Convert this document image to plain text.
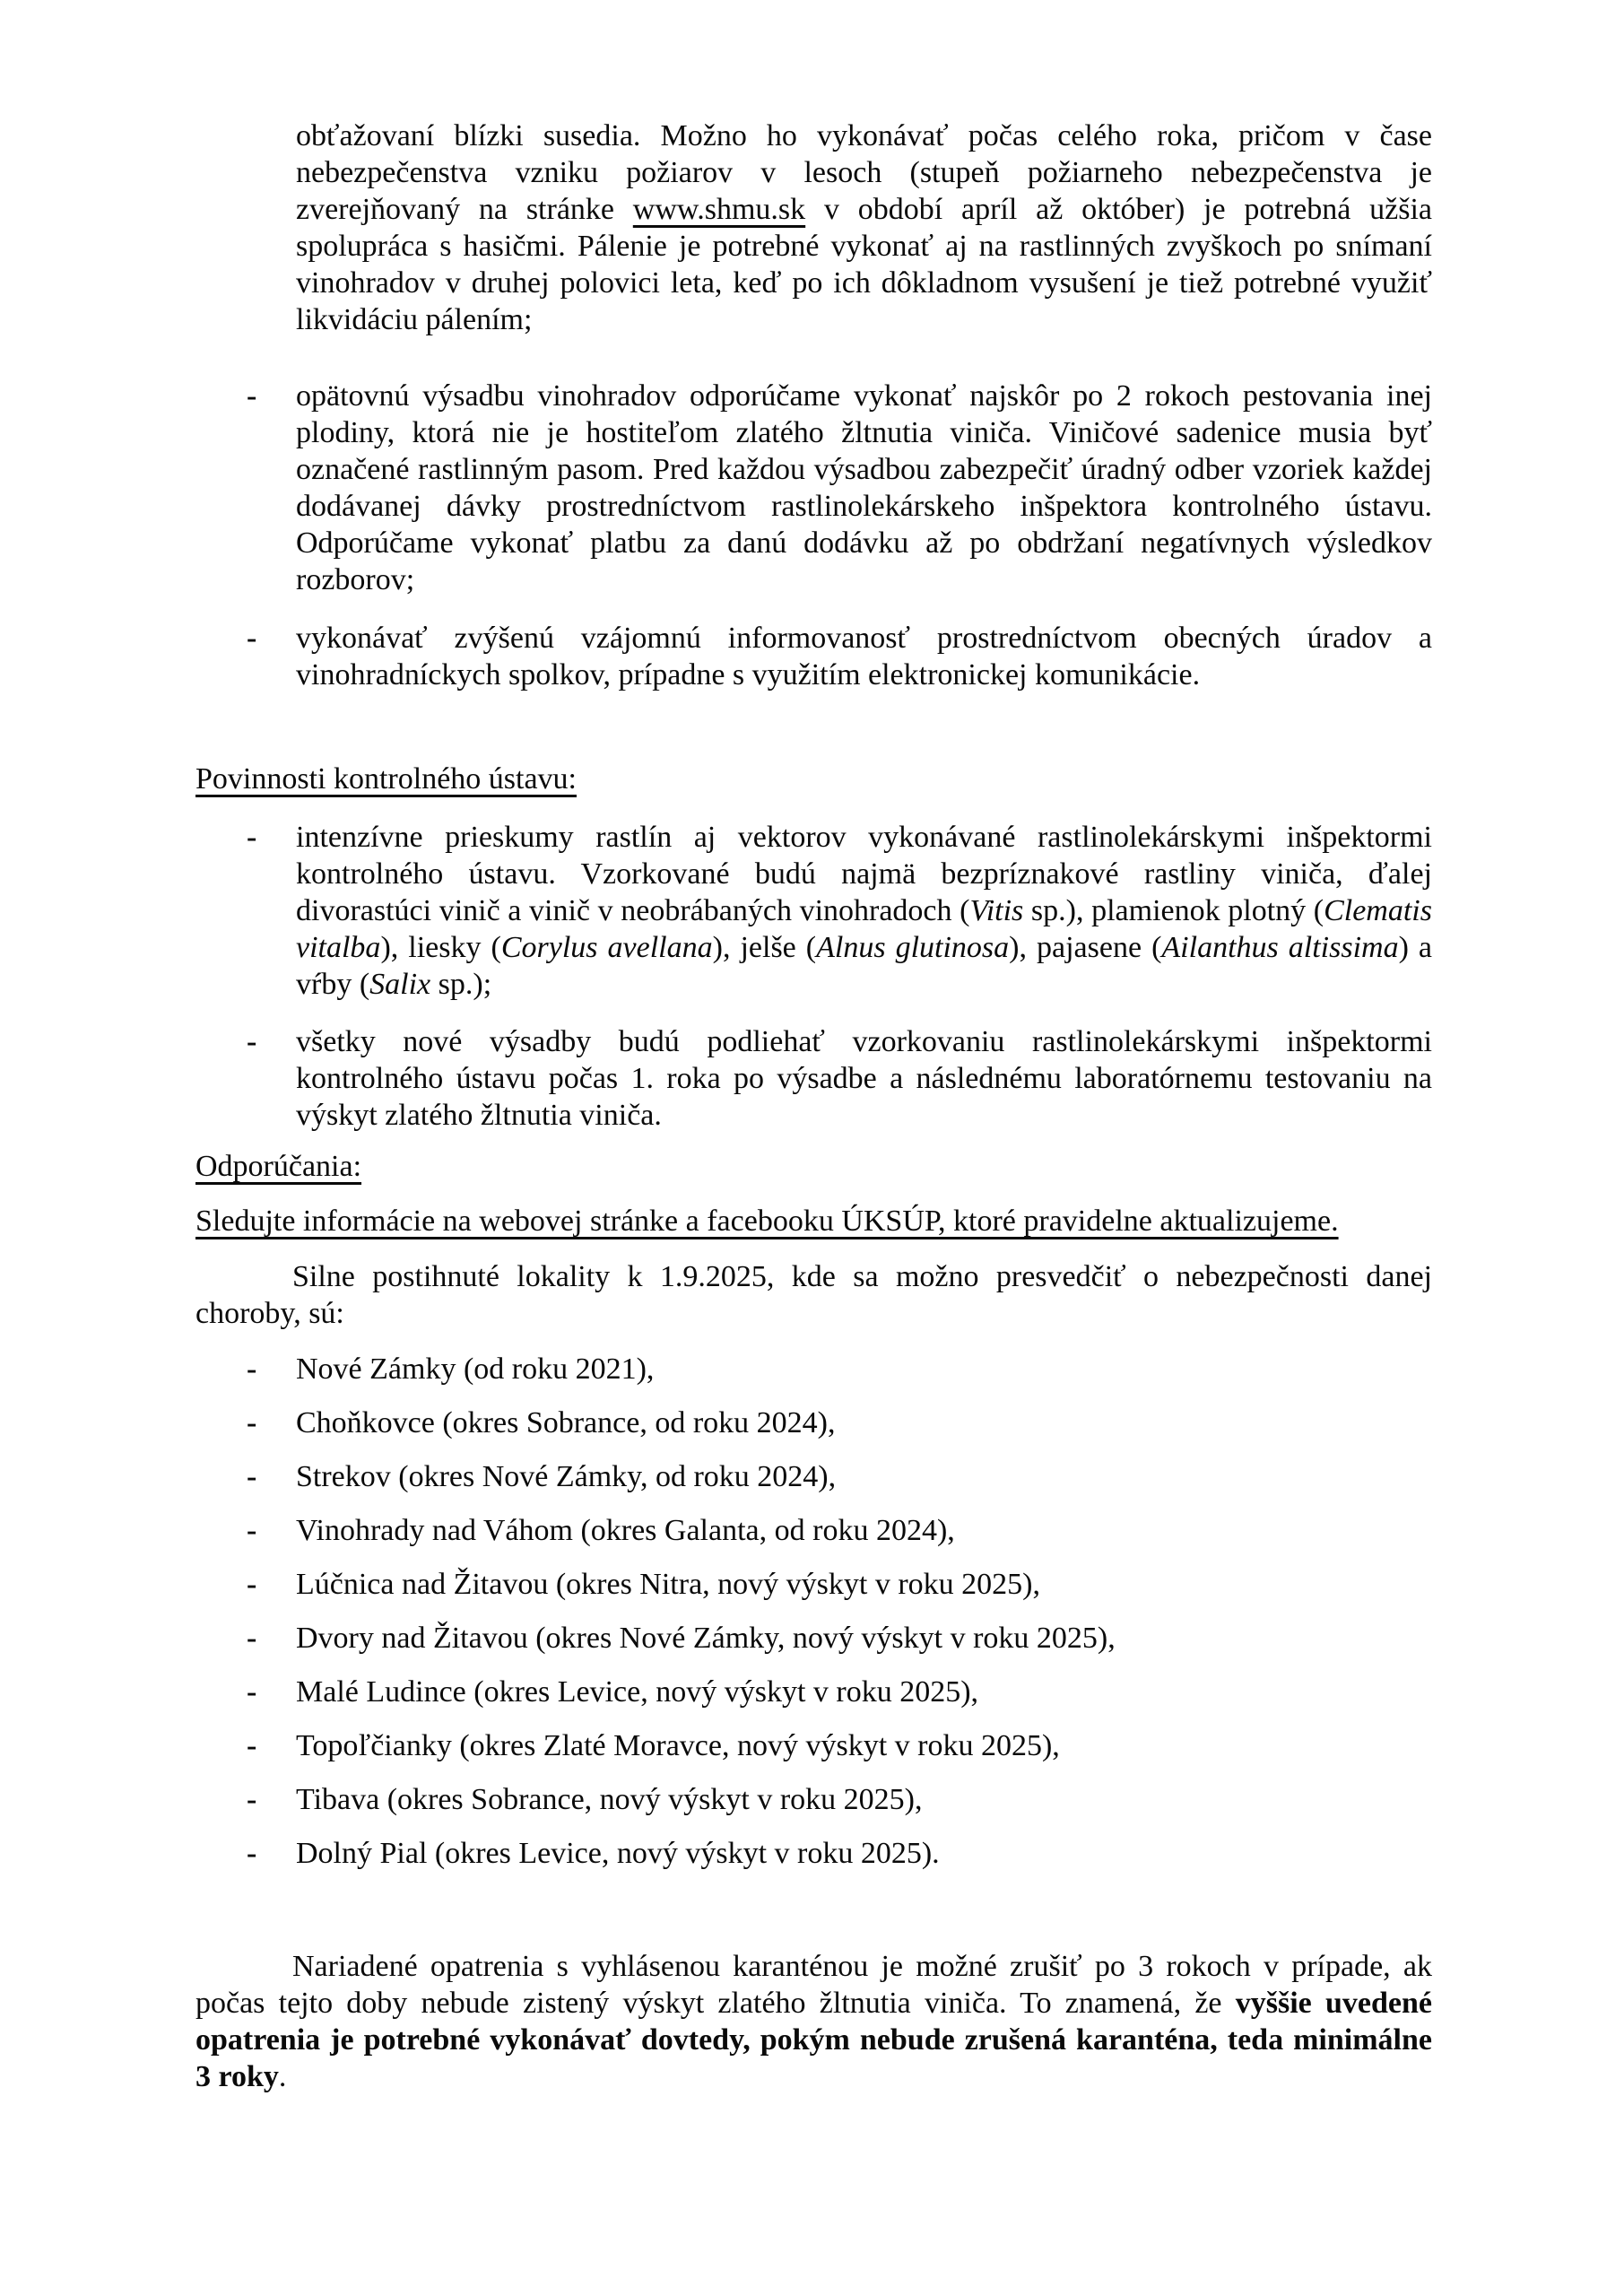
obťažovaní blízki susedia. Možno ho vykonávať počas celého roka, pričom v čase nebezpečenstva vzniku požiarov v lesoch (stupeň požiarneho nebezpečenstva je zverejňovaný na stránke www.shmu.sk v období apríl až október) je potrebná užšia spolupráca s hasičmi. Pálenie je potrebné vykonať aj na rastlinných zvyškoch po snímaní vinohradov v druhej polovici leta, keď po ich dôkladnom vysušení je tiež potrebné využiť likvidáciu pálením;
-	opätovnú výsadbu vinohradov odporúčame vykonať najskôr po 2 rokoch pestovania inej plodiny, ktorá nie je hostiteľom zlatého žltnutia viniča. Viničové sadenice musia byť označené rastlinným pasom. Pred každou výsadbou zabezpečiť úradný odber vzoriek každej dodávanej dávky prostredníctvom rastlinolekárskeho inšpektora kontrolného ústavu. Odporúčame vykonať platbu za danú dodávku až po obdržaní negatívnych výsledkov rozborov;
-	vykonávať zvýšenú vzájomnú informovanosť prostredníctvom obecných úradov a vinohradníckych spolkov, prípadne s využitím elektronickej komunikácie.
Povinnosti kontrolného ústavu:
-	intenzívne prieskumy rastlín aj vektorov vykonávané rastlinolekárskymi inšpektormi kontrolného ústavu. Vzorkované budú najmä bezpríznakové rastliny viniča, ďalej divorastúci vinič a vinič v neobrábaných vinohradoch (Vitis sp.), plamienok plotný (Clematis vitalba), liesky (Corylus avellana), jelše (Alnus glutinosa), pajasene (Ailanthus altissima) a vŕby (Salix sp.);
-	všetky nové výsadby budú podliehať vzorkovaniu rastlinolekárskymi inšpektormi kontrolného ústavu počas 1. roka po výsadbe a následnému laboratórnemu testovaniu na výskyt zlatého žltnutia viniča.
Odporúčania:
Sledujte informácie na webovej stránke a facebooku ÚKSÚP, ktoré pravidelne aktualizujeme.
Silne postihnuté lokality k 1.9.2025, kde sa možno presvedčiť o nebezpečnosti danej choroby, sú:
-	Nové Zámky (od roku 2021),
-	Choňkovce (okres Sobrance, od roku 2024),
-	Strekov (okres Nové Zámky, od roku 2024),
-	Vinohrady nad Váhom (okres Galanta, od roku 2024),
-	Lúčnica nad Žitavou (okres Nitra, nový výskyt v roku 2025),
-	Dvory nad Žitavou (okres Nové Zámky, nový výskyt v roku 2025),
-	Malé Ludince (okres Levice, nový výskyt v roku 2025),
-	Topoľčianky (okres Zlaté Moravce, nový výskyt v roku 2025),
-	Tibava (okres Sobrance, nový výskyt v roku 2025),
-	Dolný Pial (okres Levice, nový výskyt v roku 2025).
Nariadené opatrenia s vyhlásenou karanténou je možné zrušiť po 3 rokoch v prípade, ak počas tejto doby nebude zistený výskyt zlatého žltnutia viniča. To znamená, že vyššie uvedené opatrenia je potrebné vykonávať dovtedy, pokým nebude zrušená karanténa, teda minimálne 3 roky.
